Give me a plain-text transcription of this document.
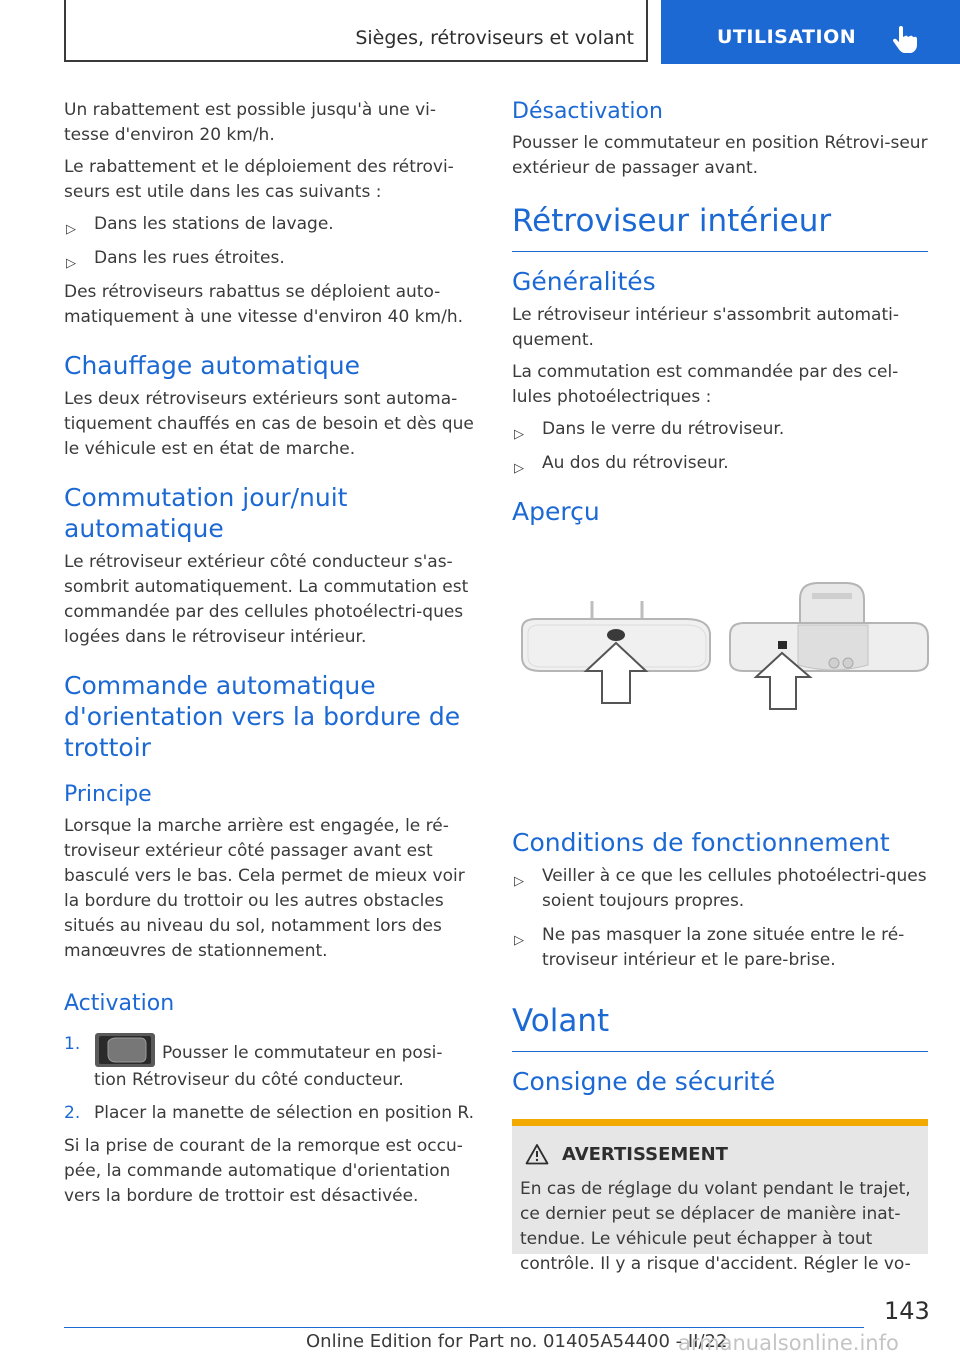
Sièges, rétroviseurs et volant	UTILISATION

Un rabattement est possible jusqu'à une vi-tesse d'environ 20 km/h.

Le rabattement et le déploiement des rétrovi-seurs est utile dans les cas suivants :

▷ Dans les stations de lavage.
▷ Dans les rues étroites.

Des rétroviseurs rabattus se déploient auto-matiquement à une vitesse d'environ 40 km/h.

Chauffage automatique

Les deux rétroviseurs extérieurs sont automa-tiquement chauffés en cas de besoin et dès que le véhicule est en état de marche.

Commutation jour/nuit automatique

Le rétroviseur extérieur côté conducteur s'as-sombrit automatiquement. La commutation est commandée par des cellules photoélectri-ques logées dans le rétroviseur intérieur.

Commande automatique d'orientation vers la bordure de trottoir
Principe

Lorsque la marche arrière est engagée, le ré-troviseur extérieur côté passager avant est basculé vers le bas. Cela permet de mieux voir la bordure du trottoir ou les autres obstacles situés au niveau du sol, notamment lors des manœuvres de stationnement.

Activation
1.	Pousser le commutateur en posi-tion Rétroviseur du côté conducteur.
2. Placer la manette de sélection en position R.

Si la prise de courant de la remorque est occu-pée, la commande automatique d'orientation vers la bordure de trottoir est désactivée.

Désactivation

Pousser le commutateur en position Rétrovi-seur extérieur de passager avant.

Rétroviseur intérieur
Généralités

Le rétroviseur intérieur s'assombrit automati-quement.

La commutation est commandée par des cel-lules photoélectriques :

▷ Dans le verre du rétroviseur.
▷ Au dos du rétroviseur.
Aperçu
Conditions de fonctionnement
▷ Veiller à ce que les cellules photoélectri-ques soient toujours propres.
▷ Ne pas masquer la zone située entre le ré-troviseur intérieur et le pare-brise.
Volant
Consigne de sécurité
AVERTISSEMENT

En cas de réglage du volant pendant le trajet, ce dernier peut se déplacer de manière inat-tendue. Le véhicule peut échapper à tout contrôle. Il y a risque d'accident. Régler le vo-

143
Online Edition for Part no. 01405A54400 - II/22
armanualsonline.info
